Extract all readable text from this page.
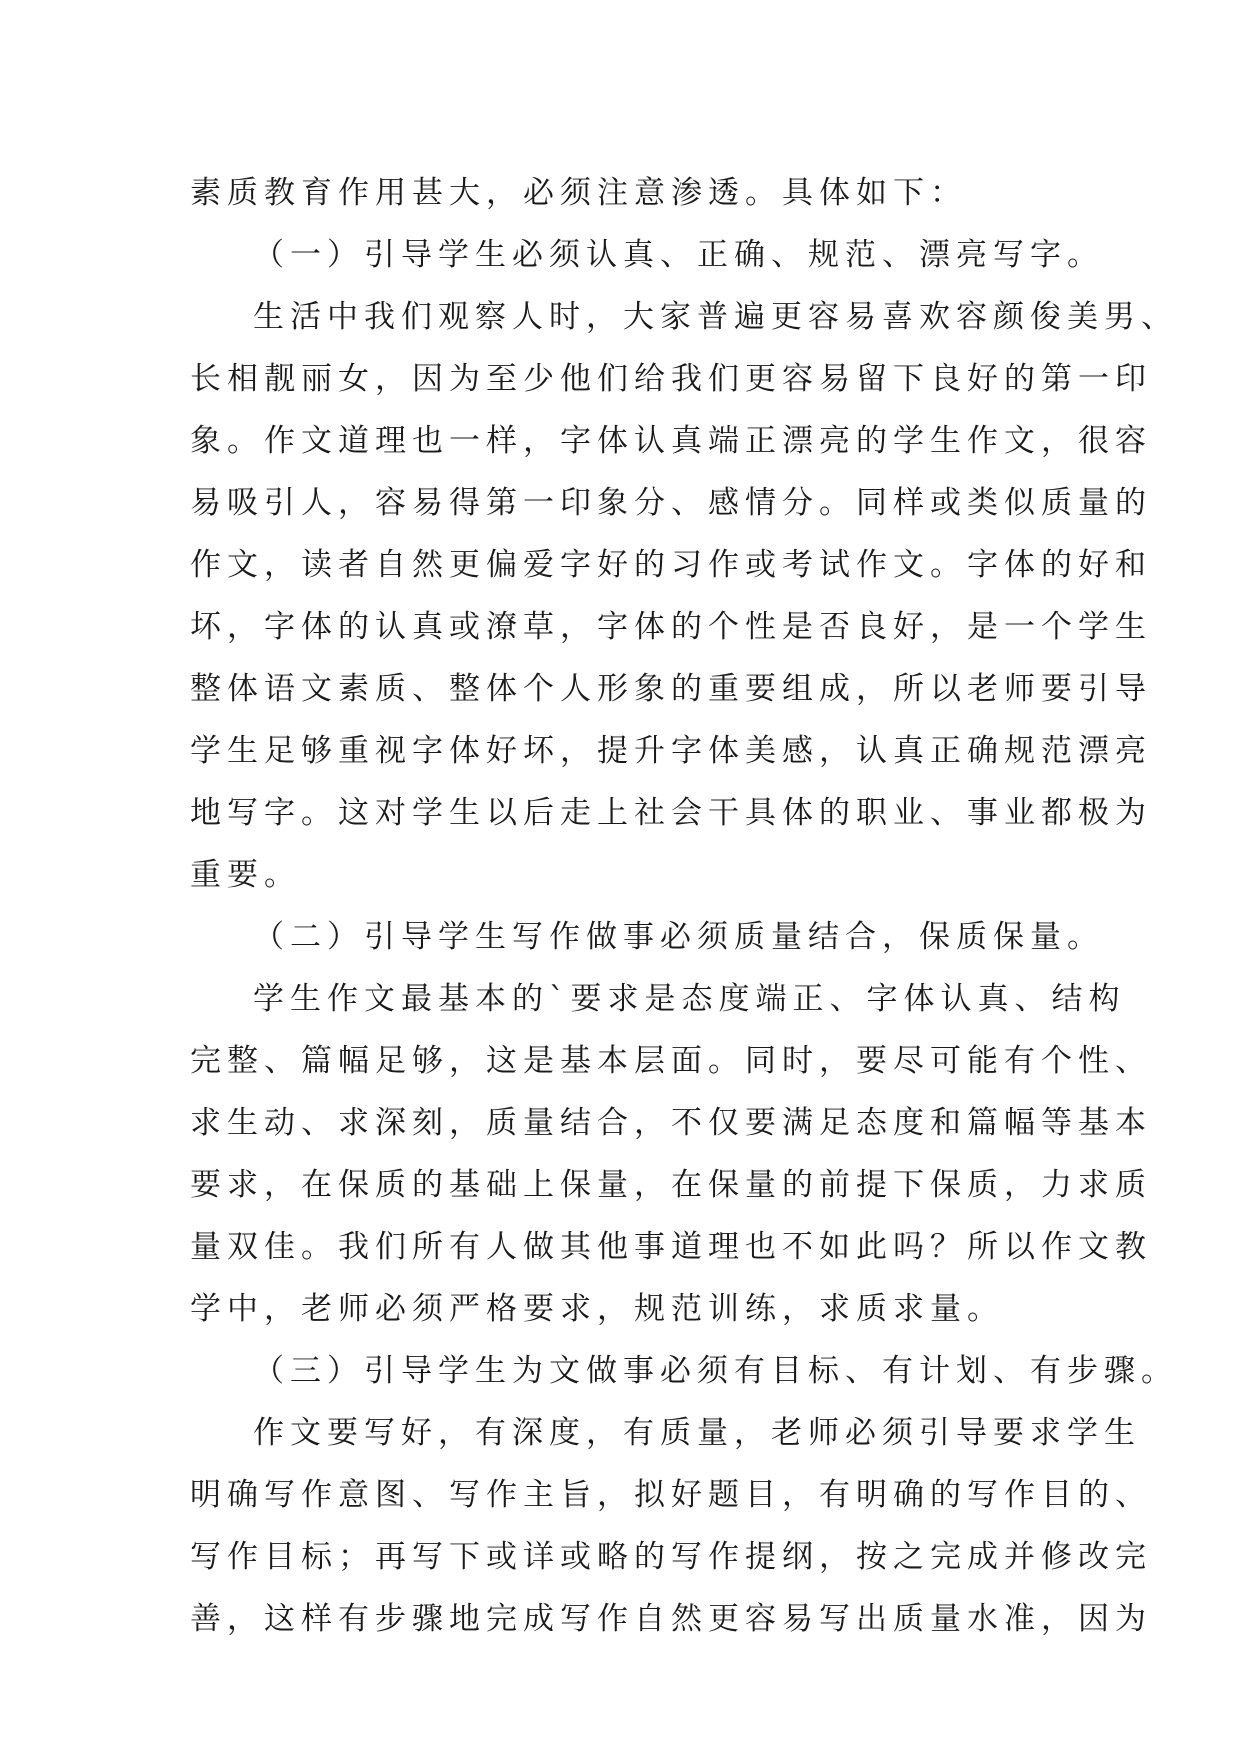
素质教育作用甚大，必须注意渗透。具体如下：
（一）引导学生必须认真、正确、规范、漂亮写字。
生活中我们观察人时，大家普遍更容易喜欢容颜俊美男、
长相靓丽女，因为至少他们给我们更容易留下良好的第一印
象。作文道理也一样，字体认真端正漂亮的学生作文，很容
易吸引人，容易得第一印象分、感情分。同样或类似质量的
作文，读者自然更偏爱字好的习作或考试作文。字体的好和
坏，字体的认真或潦草，字体的个性是否良好，是一个学生
整体语文素质、整体个人形象的重要组成，所以老师要引导
学生足够重视字体好坏，提升字体美感，认真正确规范漂亮
地写字。这对学生以后走上社会干具体的职业、事业都极为
重要。
（二）引导学生写作做事必须质量结合，保质保量。
学生作文最基本的`要求是态度端正、字体认真、结构
完整、篇幅足够，这是基本层面。同时，要尽可能有个性、
求生动、求深刻，质量结合，不仅要满足态度和篇幅等基本
要求，在保质的基础上保量，在保量的前提下保质，力求质
量双佳。我们所有人做其他事道理也不如此吗？所以作文教
学中，老师必须严格要求，规范训练，求质求量。
（三）引导学生为文做事必须有目标、有计划、有步骤。
作文要写好，有深度，有质量，老师必须引导要求学生
明确写作意图、写作主旨，拟好题目，有明确的写作目的、
写作目标；再写下或详或略的写作提纲，按之完成并修改完
善，这样有步骤地完成写作自然更容易写出质量水准，因为
